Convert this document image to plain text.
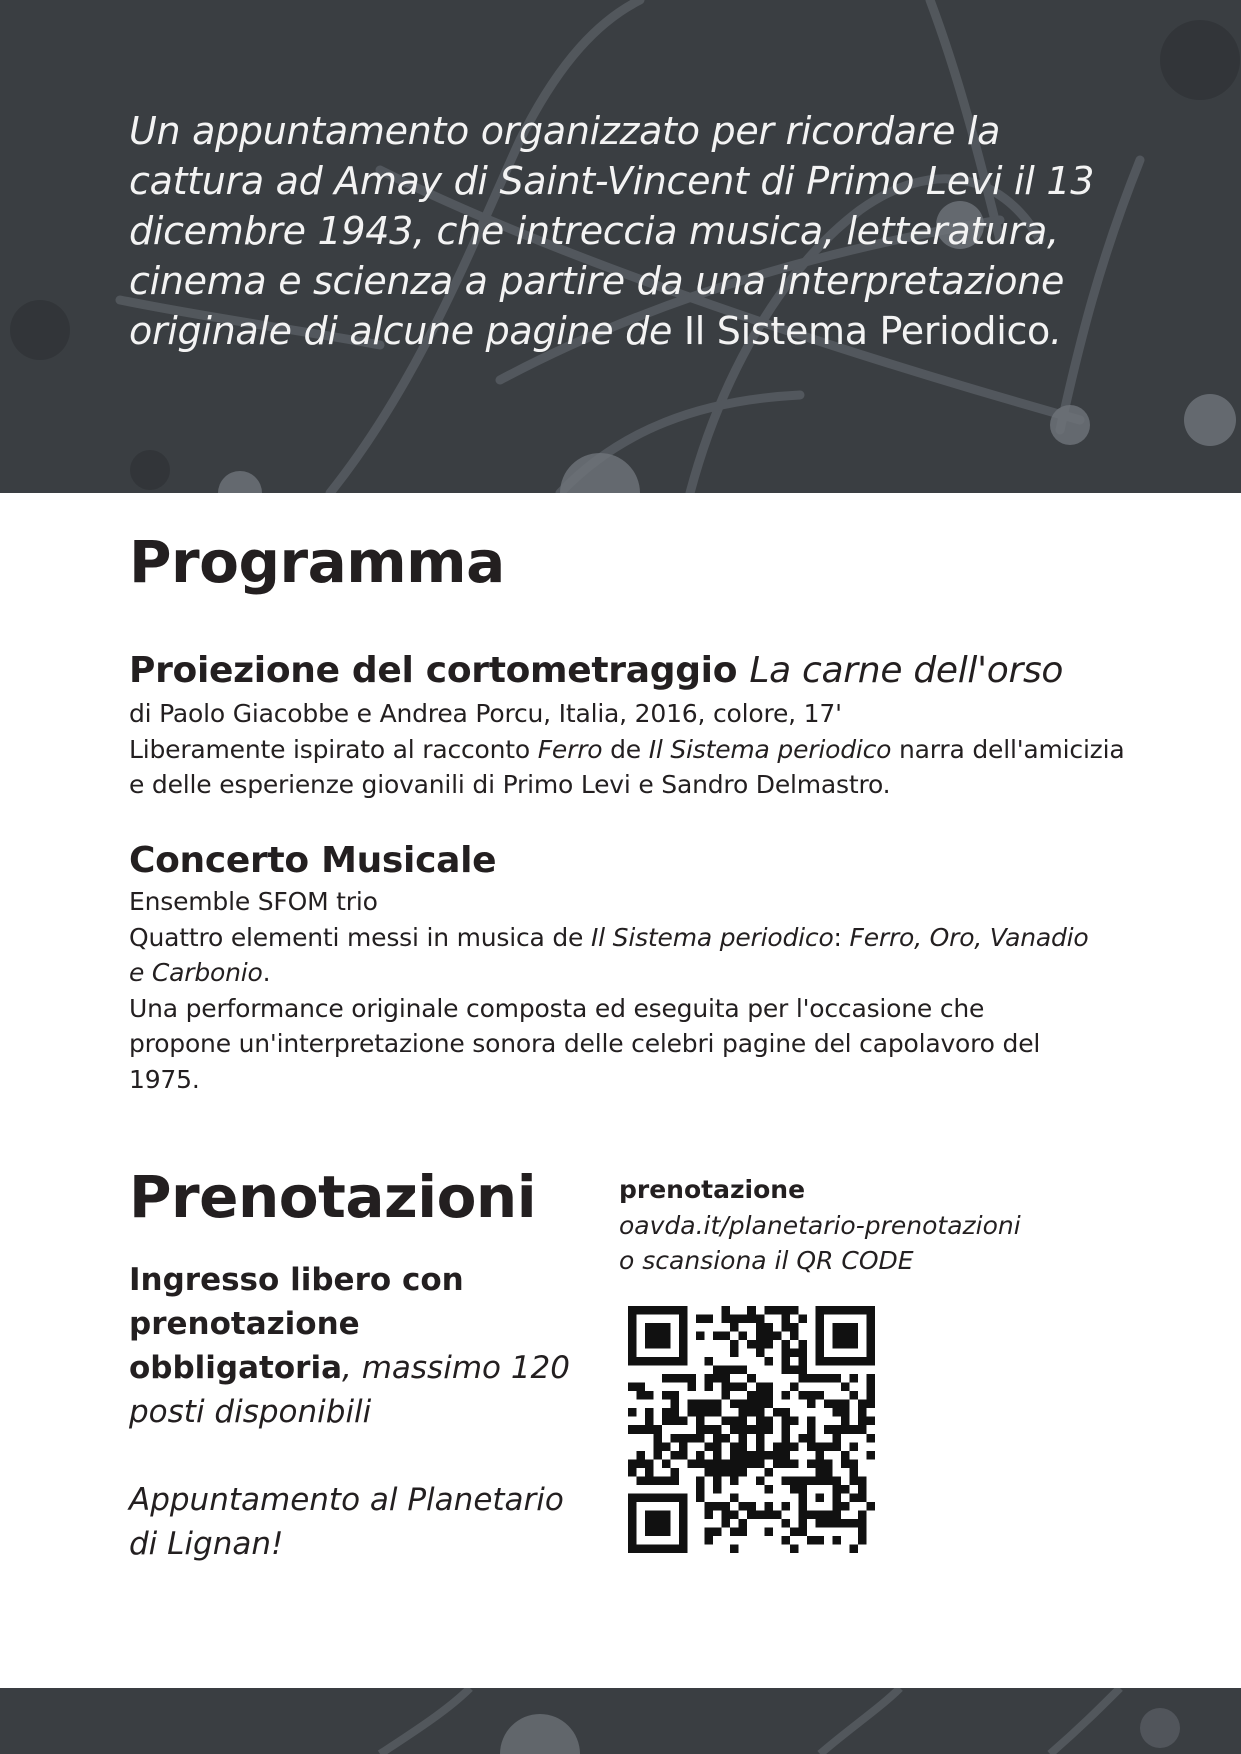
Un appuntamento organizzato per ricordare la cattura ad Amay di Saint-Vincent di Primo Levi il 13 dicembre 1943, che intreccia musica, letteratura, cinema e scienza a partire da una interpretazione originale di alcune pagine de Il Sistema Periodico.
Programma
Proiezione del cortometraggio La carne dell'orso

di Paolo Giacobbe e Andrea Porcu, Italia, 2016, colore, 17'

Liberamente ispirato al racconto Ferro de Il Sistema periodico narra dell'amicizia e delle esperienze giovanili di Primo Levi e Sandro Delmastro.

Concerto Musicale

Ensemble SFOM trio

Quattro elementi messi in musica de Il Sistema periodico: Ferro, Oro, Vanadio e Carbonio.

Una performance originale composta ed eseguita per l'occasione che propone un'interpretazione sonora delle celebri pagine del capolavoro del 1975.

Prenotazioni

Ingresso libero con prenotazione obbligatoria, massimo 120 posti disponibili

Appuntamento al Planetario di Lignan!

prenotazione
oavda.it/planetario-prenotazioni
o scansiona il QR CODE
